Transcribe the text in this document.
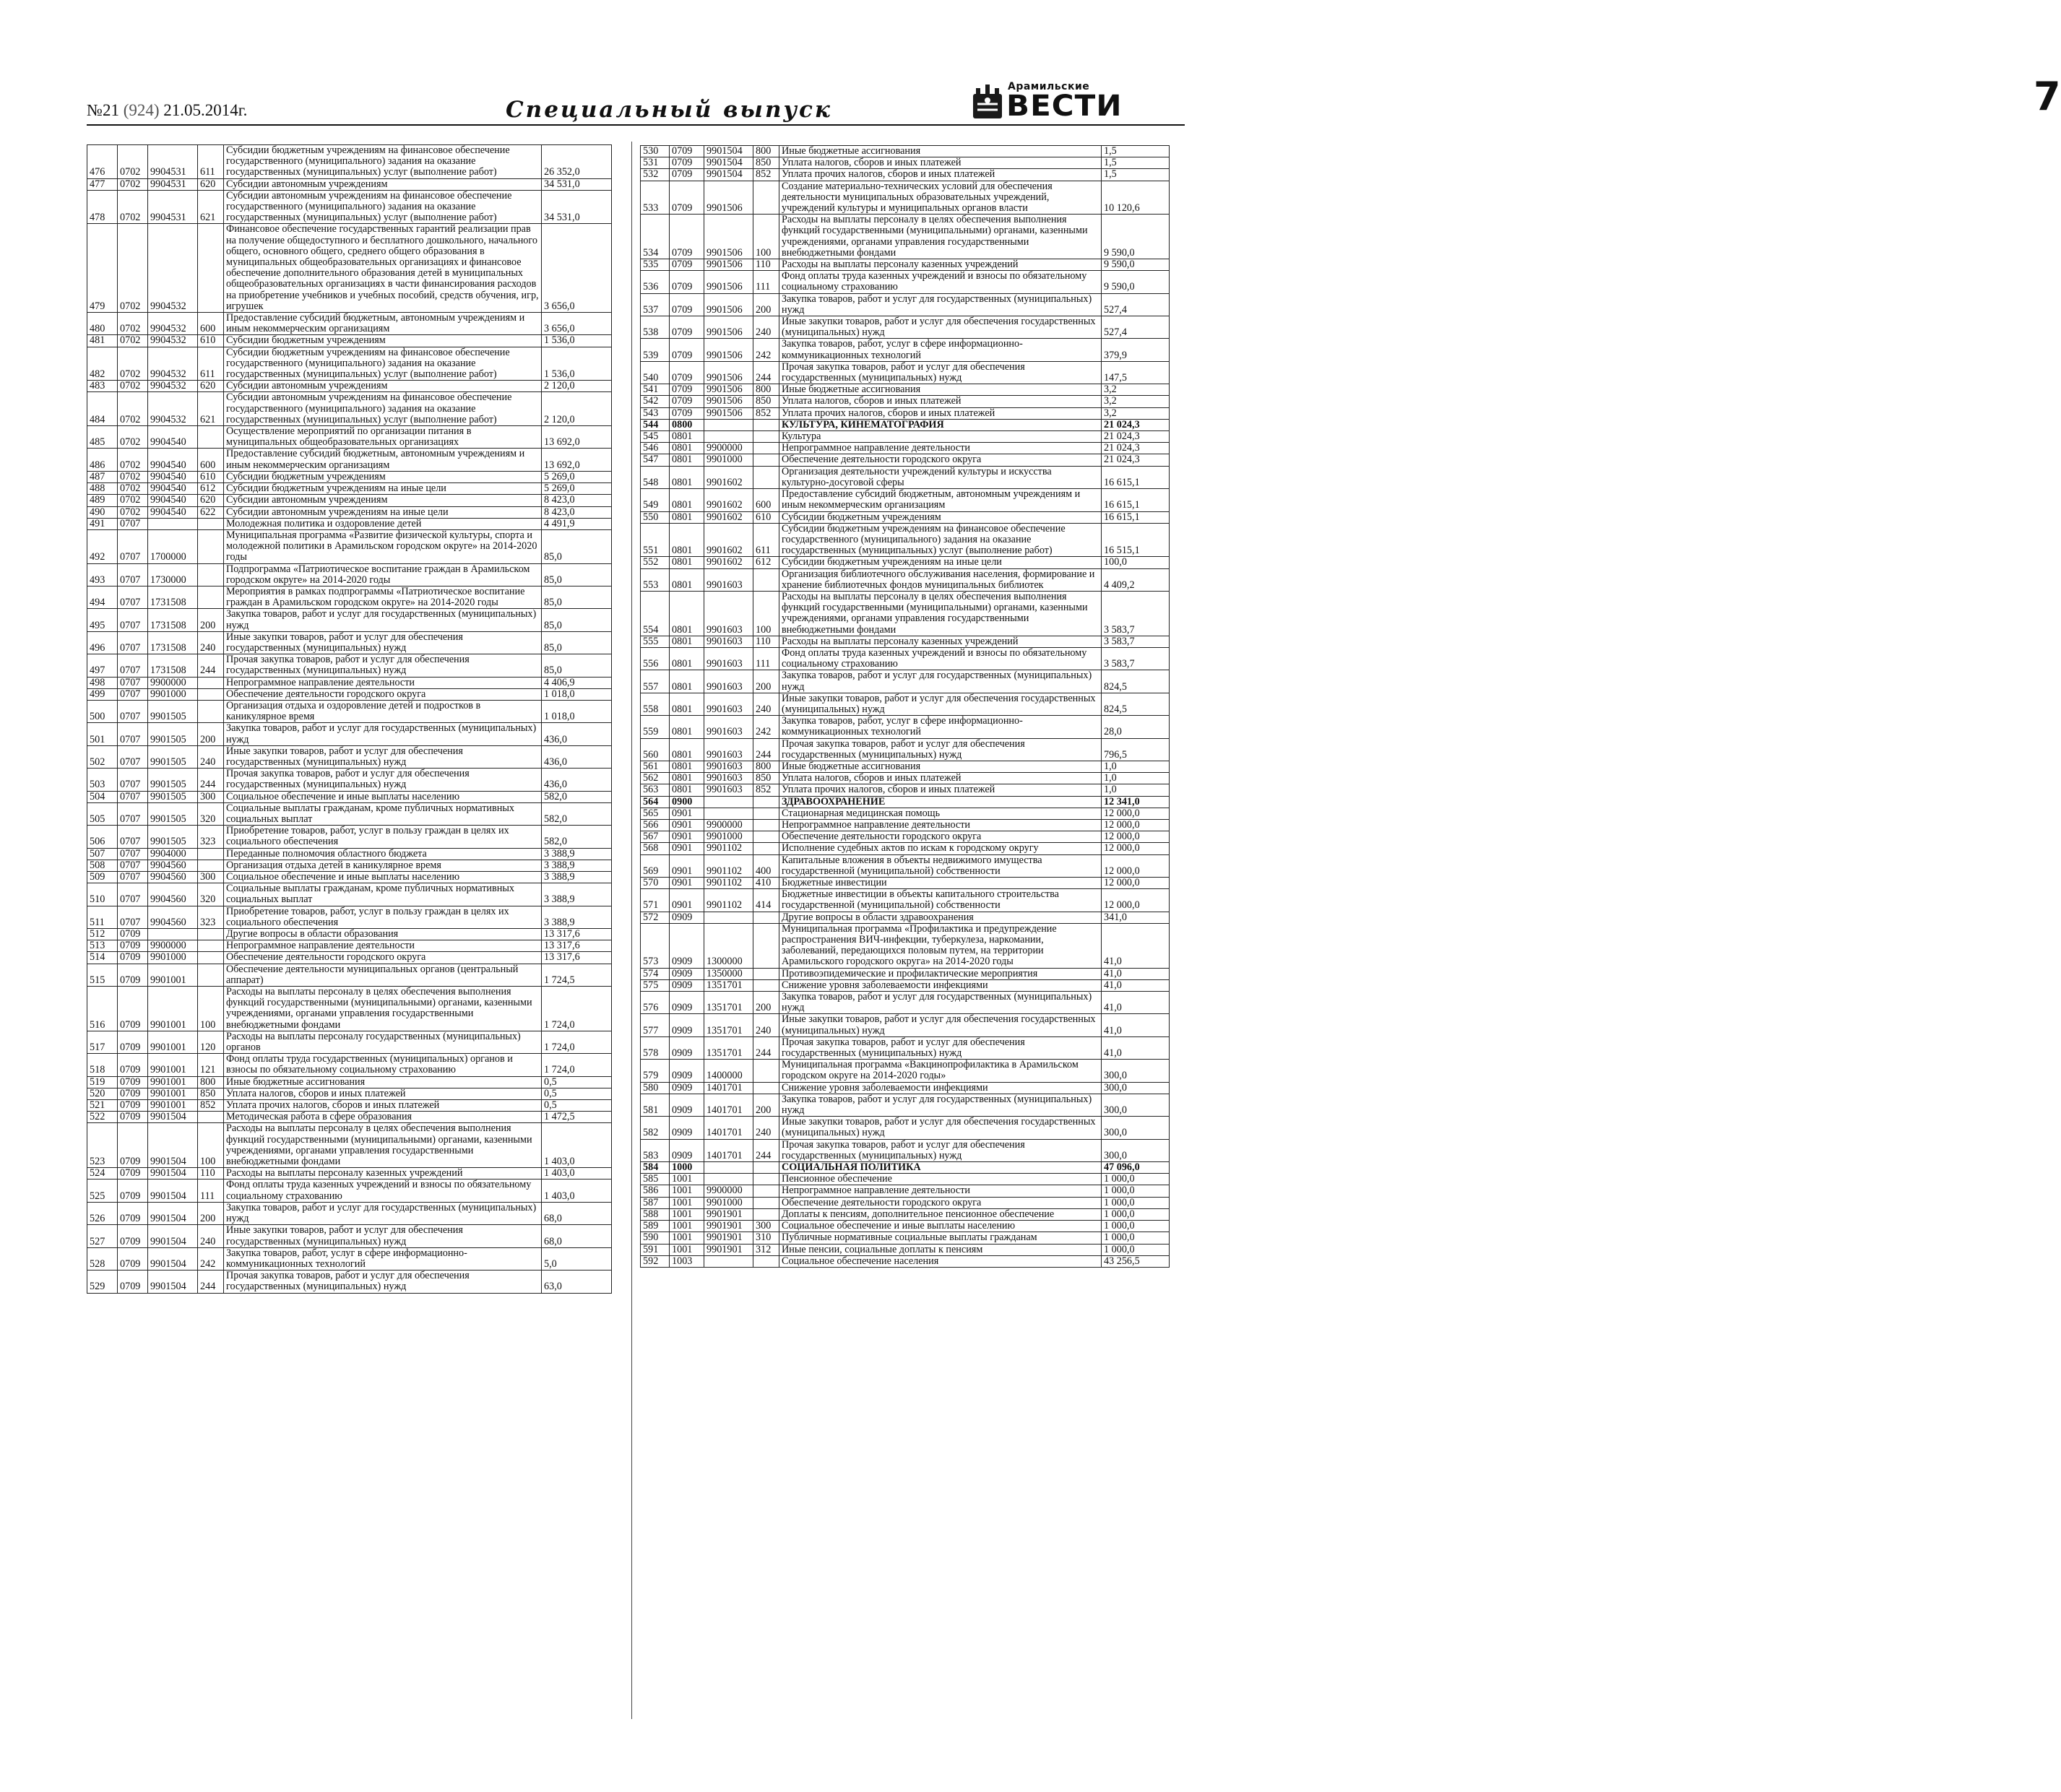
№21 (924) 21.05.2014г.	Специальный выпуск
Арамильские
ВЕСТИ	7
476	0702	9904531	611	Субсидии бюджетным учреждениям на финансовое обеспечение государственного (муниципального) задания на оказание государственных (муниципальных) услуг (выполнение работ)	26 352,0
477	0702	9904531	620	Субсидии автономным учреждениям	34 531,0
478	0702	9904531	621	Субсидии автономным учреждениям на финансовое обеспечение государственного (муниципального) задания на оказание государственных (муниципальных) услуг (выполнение работ)	34 531,0
479	0702	9904532		Финансовое обеспечение государственных гарантий реализации прав на получение общедоступного и бесплатного дошкольного, начального общего, основного общего, среднего общего образования в муниципальных общеобразовательных организациях и финансовое обеспечение дополнительного образования детей в муниципальных общеобразовательных организациях в части финансирования расходов на приобретение учебников и учебных пособий, средств обучения, игр, игрушек	3 656,0
480	0702	9904532	600	Предоставление субсидий бюджетным, автономным учреждениям и иным некоммерческим организациям	3 656,0
481	0702	9904532	610	Субсидии бюджетным учреждениям	1 536,0
482	0702	9904532	611	Субсидии бюджетным учреждениям на финансовое обеспечение государственного (муниципального) задания на оказание государственных (муниципальных) услуг (выполнение работ)	1 536,0
483	0702	9904532	620	Субсидии автономным учреждениям	2 120,0
484	0702	9904532	621	Субсидии автономным учреждениям на финансовое обеспечение государственного (муниципального) задания на оказание государственных (муниципальных) услуг (выполнение работ)	2 120,0
485	0702	9904540		Осуществление мероприятий по организации питания в муниципальных общеобразовательных организациях	13 692,0
486	0702	9904540	600	Предоставление субсидий бюджетным, автономным учреждениям и иным некоммерческим организациям	13 692,0
487	0702	9904540	610	Субсидии бюджетным учреждениям	5 269,0
488	0702	9904540	612	Субсидии бюджетным учреждениям на иные цели	5 269,0
489	0702	9904540	620	Субсидии автономным учреждениям	8 423,0
490	0702	9904540	622	Субсидии автономным учреждениям на иные цели	8 423,0
491	0707			Молодежная политика и оздоровление детей	4 491,9
492	0707	1700000		Муниципальная программа «Развитие физической культуры, спорта и молодежной политики в Арамильском городском округе» на 2014-2020 годы	85,0
493	0707	1730000		Подпрограмма «Патриотическое воспитание граждан в Арамильском городском округе» на 2014-2020 годы	85,0
494	0707	1731508		Мероприятия в рамках подпрограммы «Патриотическое воспитание граждан в Арамильском городском округе» на 2014-2020 годы	85,0
495	0707	1731508	200	Закупка товаров, работ и услуг для государственных (муниципальных) нужд	85,0
496	0707	1731508	240	Иные закупки товаров, работ и услуг для обеспечения государственных (муниципальных) нужд	85,0
497	0707	1731508	244	Прочая закупка товаров, работ и услуг для обеспечения государственных (муниципальных) нужд	85,0
498	0707	9900000		Непрограммное направление деятельности	4 406,9
499	0707	9901000		Обеспечение деятельности городского округа	1 018,0
500	0707	9901505		Организация отдыха и оздоровление детей и подростков в каникулярное время	1 018,0
501	0707	9901505	200	Закупка товаров, работ и услуг для государственных (муниципальных) нужд	436,0
502	0707	9901505	240	Иные закупки товаров, работ и услуг для обеспечения государственных (муниципальных) нужд	436,0
503	0707	9901505	244	Прочая закупка товаров, работ и услуг для обеспечения государственных (муниципальных) нужд	436,0
504	0707	9901505	300	Социальное обеспечение и иные выплаты населению	582,0
505	0707	9901505	320	Социальные выплаты гражданам, кроме публичных нормативных социальных выплат	582,0
506	0707	9901505	323	Приобретение товаров, работ, услуг в пользу граждан в целях их социального обеспечения	582,0
507	0707	9904000		Переданные полномочия областного бюджета	3 388,9
508	0707	9904560		Организация отдыха детей в каникулярное время	3 388,9
509	0707	9904560	300	Социальное обеспечение и иные выплаты населению	3 388,9
510	0707	9904560	320	Социальные выплаты гражданам, кроме публичных нормативных социальных выплат	3 388,9
511	0707	9904560	323	Приобретение товаров, работ, услуг в пользу граждан в целях их социального обеспечения	3 388,9
512	0709			Другие вопросы в области образования	13 317,6
513	0709	9900000		Непрограммное направление деятельности	13 317,6
514	0709	9901000		Обеспечение деятельности городского округа	13 317,6
515	0709	9901001		Обеспечение деятельности муниципальных органов (центральный аппарат)	1 724,5
516	0709	9901001	100	Расходы на выплаты персоналу в целях обеспечения выполнения функций государственными (муниципальными) органами, казенными учреждениями, органами управления государственными внебюджетными фондами	1 724,0
517	0709	9901001	120	Расходы на выплаты персоналу государственных (муниципальных) органов	1 724,0
518	0709	9901001	121	Фонд оплаты труда государственных (муниципальных) органов и взносы по обязательному социальному страхованию	1 724,0
519	0709	9901001	800	Иные бюджетные ассигнования	0,5
520	0709	9901001	850	Уплата налогов, сборов и иных платежей	0,5
521	0709	9901001	852	Уплата прочих налогов, сборов и иных платежей	0,5
522	0709	9901504		Методическая работа в сфере образования	1 472,5
523	0709	9901504	100	Расходы на выплаты персоналу в целях обеспечения выполнения функций государственными (муниципальными) органами, казенными учреждениями, органами управления государственными внебюджетными фондами	1 403,0
524	0709	9901504	110	Расходы на выплаты персоналу казенных учреждений	1 403,0
525	0709	9901504	111	Фонд оплаты труда казенных учреждений и взносы по обязательному социальному страхованию	1 403,0
526	0709	9901504	200	Закупка товаров, работ и услуг для государственных (муниципальных) нужд	68,0
527	0709	9901504	240	Иные закупки товаров, работ и услуг для обеспечения государственных (муниципальных) нужд	68,0
528	0709	9901504	242	Закупка товаров, работ, услуг в сфере информационно-коммуникационных технологий	5,0
529	0709	9901504	244	Прочая закупка товаров, работ и услуг для обеспечения государственных (муниципальных) нужд	63,0
530	0709	9901504	800	Иные бюджетные ассигнования	1,5
531	0709	9901504	850	Уплата налогов, сборов и иных платежей	1,5
532	0709	9901504	852	Уплата прочих налогов, сборов и иных платежей	1,5
533	0709	9901506		Создание материально-технических условий для обеспечения деятельности муниципальных образовательных учреждений, учреждений культуры и муниципальных органов власти	10 120,6
534	0709	9901506	100	Расходы на выплаты персоналу в целях обеспечения выполнения функций государственными (муниципальными) органами, казенными учреждениями, органами управления государственными внебюджетными фондами	9 590,0
535	0709	9901506	110	Расходы на выплаты персоналу казенных учреждений	9 590,0
536	0709	9901506	111	Фонд оплаты труда казенных учреждений и взносы по обязательному социальному страхованию	9 590,0
537	0709	9901506	200	Закупка товаров, работ и услуг для государственных (муниципальных) нужд	527,4
538	0709	9901506	240	Иные закупки товаров, работ и услуг для обеспечения государственных (муниципальных) нужд	527,4
539	0709	9901506	242	Закупка товаров, работ, услуг в сфере информационно-коммуникационных технологий	379,9
540	0709	9901506	244	Прочая закупка товаров, работ и услуг для обеспечения государственных (муниципальных) нужд	147,5
541	0709	9901506	800	Иные бюджетные ассигнования	3,2
542	0709	9901506	850	Уплата налогов, сборов и иных платежей	3,2
543	0709	9901506	852	Уплата прочих налогов, сборов и иных платежей	3,2
544	0800			КУЛЬТУРА, КИНЕМАТОГРАФИЯ	21 024,3
545	0801			Культура	21 024,3
546	0801	9900000		Непрограммное направление деятельности	21 024,3
547	0801	9901000		Обеспечение деятельности городского округа	21 024,3
548	0801	9901602		Организация деятельности учреждений культуры и искусства культурно-досуговой сферы	16 615,1
549	0801	9901602	600	Предоставление субсидий бюджетным, автономным учреждениям и иным некоммерческим организациям	16 615,1
550	0801	9901602	610	Субсидии бюджетным учреждениям	16 615,1
551	0801	9901602	611	Субсидии бюджетным учреждениям на финансовое обеспечение государственного (муниципального) задания на оказание государственных (муниципальных) услуг (выполнение работ)	16 515,1
552	0801	9901602	612	Субсидии бюджетным учреждениям на иные цели	100,0
553	0801	9901603		Организация библиотечного обслуживания населения, формирование и хранение библиотечных фондов муниципальных библиотек	4 409,2
554	0801	9901603	100	Расходы на выплаты персоналу в целях обеспечения выполнения функций государственными (муниципальными) органами, казенными учреждениями, органами управления государственными внебюджетными фондами	3 583,7
555	0801	9901603	110	Расходы на выплаты персоналу казенных учреждений	3 583,7
556	0801	9901603	111	Фонд оплаты труда казенных учреждений и взносы по обязательному социальному страхованию	3 583,7
557	0801	9901603	200	Закупка товаров, работ и услуг для государственных (муниципальных) нужд	824,5
558	0801	9901603	240	Иные закупки товаров, работ и услуг для обеспечения государственных (муниципальных) нужд	824,5
559	0801	9901603	242	Закупка товаров, работ, услуг в сфере информационно-коммуникационных технологий	28,0
560	0801	9901603	244	Прочая закупка товаров, работ и услуг для обеспечения государственных (муниципальных) нужд	796,5
561	0801	9901603	800	Иные бюджетные ассигнования	1,0
562	0801	9901603	850	Уплата налогов, сборов и иных платежей	1,0
563	0801	9901603	852	Уплата прочих налогов, сборов и иных платежей	1,0
564	0900			ЗДРАВООХРАНЕНИЕ	12 341,0
565	0901			Стационарная медицинская помощь	12 000,0
566	0901	9900000		Непрограммное направление деятельности	12 000,0
567	0901	9901000		Обеспечение деятельности городского округа	12 000,0
568	0901	9901102		Исполнение судебных актов по искам к городскому округу	12 000,0
569	0901	9901102	400	Капитальные вложения в объекты недвижимого имущества государственной (муниципальной) собственности	12 000,0
570	0901	9901102	410	Бюджетные инвестиции	12 000,0
571	0901	9901102	414	Бюджетные инвестиции в объекты капитального строительства государственной (муниципальной) собственности	12 000,0
572	0909			Другие вопросы в области здравоохранения	341,0
573	0909	1300000		Муниципальная программа «Профилактика и предупреждение распространения ВИЧ-инфекции, туберкулеза, наркомании, заболеваний, передающихся половым путем, на территории Арамильского городского округа» на 2014-2020 годы	41,0
574	0909	1350000		Противоэпидемические и профилактические мероприятия	41,0
575	0909	1351701		Снижение уровня заболеваемости инфекциями	41,0
576	0909	1351701	200	Закупка товаров, работ и услуг для государственных (муниципальных) нужд	41,0
577	0909	1351701	240	Иные закупки товаров, работ и услуг для обеспечения государственных (муниципальных) нужд	41,0
578	0909	1351701	244	Прочая закупка товаров, работ и услуг для обеспечения государственных (муниципальных) нужд	41,0
579	0909	1400000		Муниципальная программа «Вакцинопрофилактика в Арамильском городском округе на 2014-2020 годы»	300,0
580	0909	1401701		Снижение уровня заболеваемости инфекциями	300,0
581	0909	1401701	200	Закупка товаров, работ и услуг для государственных (муниципальных) нужд	300,0
582	0909	1401701	240	Иные закупки товаров, работ и услуг для обеспечения государственных (муниципальных) нужд	300,0
583	0909	1401701	244	Прочая закупка товаров, работ и услуг для обеспечения государственных (муниципальных) нужд	300,0
584	1000			СОЦИАЛЬНАЯ ПОЛИТИКА	47 096,0
585	1001			Пенсионное обеспечение	1 000,0
586	1001	9900000		Непрограммное направление деятельности	1 000,0
587	1001	9901000		Обеспечение деятельности городского округа	1 000,0
588	1001	9901901		Доплаты к пенсиям, дополнительное пенсионное обеспечение	1 000,0
589	1001	9901901	300	Социальное обеспечение и иные выплаты населению	1 000,0
590	1001	9901901	310	Публичные нормативные социальные выплаты гражданам	1 000,0
591	1001	9901901	312	Иные пенсии, социальные доплаты к пенсиям	1 000,0
592	1003			Социальное обеспечение населения	43 256,5
